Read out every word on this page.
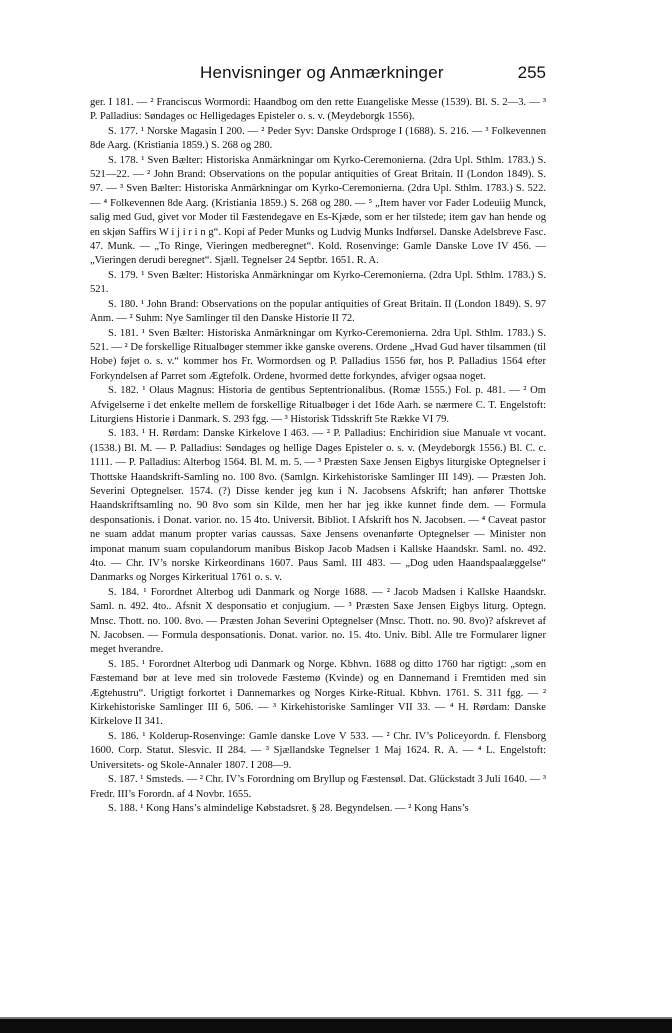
Henvisninger og Anmærkninger	255

ger. I 181. — ² Franciscus Wormordi: Haandbog om den rette Euangeliske Messe (1539). Bl. S. 2—3. — ³ P. Palladius: Søndages oc Helligedages Episteler o. s. v. (Meydeborgk 1556).

S. 177. ¹ Norske Magasin I 200. — ² Peder Syv: Danske Ordsproge I (1688). S. 216. — ³ Folkevennen 8de Aarg. (Kristiania 1859.) S. 268 og 280.

S. 178. ¹ Sven Bælter: Historiska Anmärkningar om Kyrko-Ceremonierna. (2dra Upl. Sthlm. 1783.) S. 521—22. — ² John Brand: Observations on the popular antiquities of Great Britain. II (London 1849). S. 97. — ³ Sven Bælter: Historiska Anmärkningar om Kyrko-Ceremonierna. (2dra Upl. Sthlm. 1783.) S. 522. — ⁴ Folkevennen 8de Aarg. (Kristiania 1859.) S. 268 og 280. — ⁵ „Item haver vor Fader Lodeuiig Munck, salig med Gud, givet vor Moder til Fæstendegave en Es-Kjæde, som er her tilstede; item gav han hende og en skjøn Saffirs W i j i r i n g“. Kopi af Peder Munks og Ludvig Munks Indførsel. Danske Adelsbreve Fasc. 47. Munk. — „To Ringe, Vieringen medberegnet“. Kold. Rosenvinge: Gamle Danske Love IV 456. — „Vieringen derudi beregnet“. Sjæll. Tegnelser 24 Septbr. 1651. R. A.

S. 179. ¹ Sven Bælter: Historiska Anmärkningar om Kyrko-Ceremonierna. (2dra Upl. Sthlm. 1783.) S. 521.

S. 180. ¹ John Brand: Observations on the popular antiquities of Great Britain. II (London 1849). S. 97 Anm. — ² Suhm: Nye Samlinger til den Danske Historie II 72.

S. 181. ¹ Sven Bælter: Historiska Anmärkningar om Kyrko-Ceremonierna. 2dra Upl. Sthlm. 1783.) S. 521. — ² De forskellige Ritualbøger stemmer ikke ganske overens. Ordene „Hvad Gud haver tilsammen (til Hobe) føjet o. s. v.“ kommer hos Fr. Wormordsen og P. Palladius 1556 før, hos P. Palladius 1564 efter Forkyndelsen af Parret som Ægtefolk. Ordene, hvormed dette forkyndes, afviger ogsaa noget.

S. 182. ¹ Olaus Magnus: Historia de gentibus Septentrionalibus. (Romæ 1555.) Fol. p. 481. — ² Om Afvigelserne i det enkelte mellem de forskellige Ritualbøger i det 16de Aarh. se nærmere C. T. Engelstoft: Liturgiens Historie i Danmark. S. 293 fgg. — ³ Historisk Tidsskrift 5te Række VI 79.

S. 183. ¹ H. Rørdam: Danske Kirkelove I 463. — ² P. Palladius: Enchiridion siue Manuale vt vocant. (1538.) Bl. M. — P. Palladius: Søndages og hellige Dages Episteler o. s. v. (Meydeborgk 1556.) Bl. C. c. 1111. — P. Palladius: Alterbog 1564. Bl. M. m. 5. — ³ Præsten Saxe Jensen Eigbys liturgiske Optegnelser i Thottske Haandskrift-Samling no. 100 8vo. (Samlgn. Kirkehistoriske Samlinger III 149). — Præsten Joh. Severini Optegnelser. 1574. (?) Disse kender jeg kun i N. Jacobsens Afskrift; han anfører Thottske Haandskriftsamling no. 90 8vo som sin Kilde, men her har jeg ikke kunnet finde dem. — Formula desponsationis. i Donat. varior. no. 15 4to. Universit. Bibliot. I Afskrift hos N. Jacobsen. — ⁴ Caveat pastor ne suam addat manum propter varias caussas. Saxe Jensens ovenanførte Optegnelser — Minister non imponat manum suam copulandorum manibus Biskop Jacob Madsen i Kallske Haandskr. Saml. no. 492. 4to. — Chr. IV’s norske Kirkeordinans 1607. Paus Saml. III 483. — „Dog uden Haandspaalæggelse“ Danmarks og Norges Kirkeritual 1761 o. s. v.

S. 184. ¹ Forordnet Alterbog udi Danmark og Norge 1688. — ² Jacob Madsen i Kallske Haandskr. Saml. n. 492. 4to.. Afsnit X desponsatio et conjugium. — ³ Præsten Saxe Jensen Eigbys liturg. Optegn. Mnsc. Thott. no. 100. 8vo. — Præsten Johan Severini Optegnelser (Mnsc. Thott. no. 90. 8vo)? afskrevet af N. Jacobsen. — Formula desponsationis. Donat. varior. no. 15. 4to. Univ. Bibl. Alle tre Formularer ligner meget hverandre.

S. 185. ¹ Forordnet Alterbog udi Danmark og Norge. Kbhvn. 1688 og ditto 1760 har rigtigt: „som en Fæstemand bør at leve med sin trolovede Fæstemø (Kvinde) og en Dannemand i Fremtiden med sin Ægtehustru“. Urigtigt forkortet i Dannemarkes og Norges Kirke-Ritual. Kbhvn. 1761. S. 311 fgg. — ² Kirkehistoriske Samlinger III 6, 506. — ³ Kirkehistoriske Samlinger VII 33. — ⁴ H. Rørdam: Danske Kirkelove II 341.

S. 186. ¹ Kolderup-Rosenvinge: Gamle danske Love V 533. — ² Chr. IV’s Policeyordn. f. Flensborg 1600. Corp. Statut. Slesvic. II 284. — ³ Sjællandske Tegnelser 1 Maj 1624. R. A. — ⁴ L. Engelstoft: Universitets- og Skole-Annaler 1807. I 208—9.

S. 187. ¹ Smsteds. — ² Chr. IV’s Forordning om Bryllup og Fæstensøl. Dat. Glückstadt 3 Juli 1640. — ³ Fredr. III’s Forordn. af 4 Novbr. 1655.

S. 188. ¹ Kong Hans’s almindelige Købstadsret. § 28. Begyndelsen. — ² Kong Hans’s
